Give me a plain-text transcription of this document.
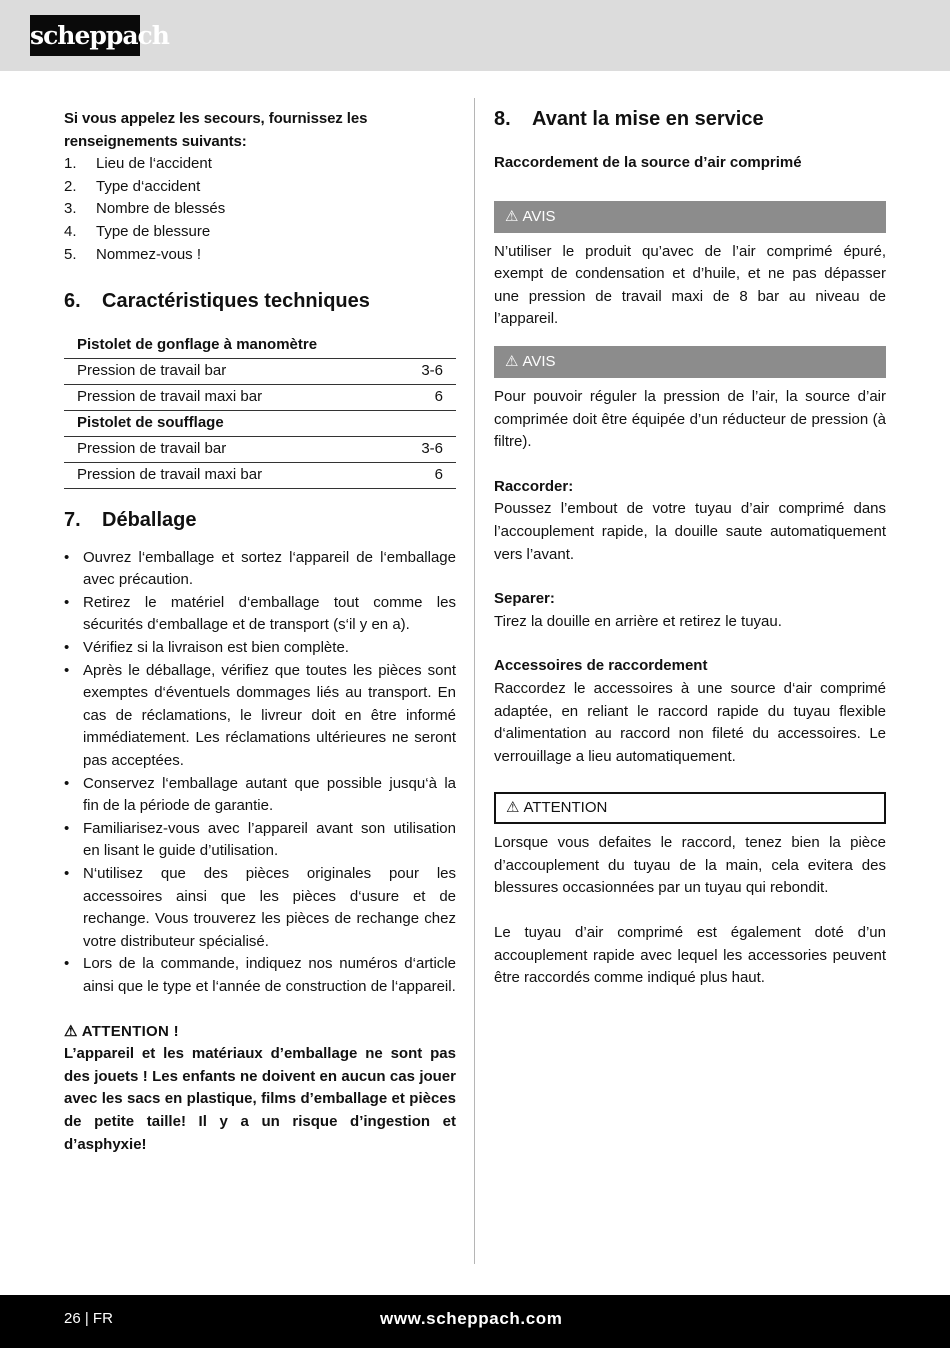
scheppach

Si vous appelez les secours, fournissez les renseignements suivants:

1.	Lieu de l‘accident
2.	Type d‘accident
3.	Nombre de blessés
4.	Type de blessure
5.	Nommez-vous !
6.	Caractéristiques techniques
Pistolet de gonflage à manomètre	
Pression de travail bar	3-6
Pression de travail maxi bar	6
Pistolet de soufflage	
Pression de travail bar	3-6
Pression de travail maxi bar	6
7.	Déballage
• Ouvrez l‘emballage et sortez l‘appareil de l‘emballage avec précaution.
• Retirez le matériel d‘emballage tout comme les sécurités d‘emballage et de transport (s‘il y en a).
• Vérifiez si la livraison est bien complète.
• Après le déballage, vérifiez que toutes les pièces sont exemptes d‘éventuels dommages liés au transport. En cas de réclamations, le livreur doit en être informé immédiatement. Les réclamations ultérieures ne seront pas acceptées.
• Conservez l‘emballage autant que possible jusqu‘à la fin de la période de garantie.
• Familiarisez-vous avec l’appareil avant son utilisation en lisant le guide d’utilisation.
• N‘utilisez que des pièces originales pour les accessoires ainsi que les pièces d‘usure et de rechange. Vous trouverez les pièces de rechange chez votre distributeur spécialisé.
• Lors de la commande, indiquez nos numéros d‘article ainsi que le type et l‘année de construction de l‘appareil.

⚠ ATTENTION !

L’appareil et les matériaux d’emballage ne sont pas des jouets ! Les enfants ne doivent en aucun cas jouer avec les sacs en plastique, films d’emballage et pièces de petite taille! Il y a un risque d’ingestion et d’asphyxie!

8.	Avant la mise en service

Raccordement de la source d’air comprimé

⚠ AVIS

N’utiliser le produit qu’avec de l’air comprimé épuré, exempt de condensation et d’huile, et ne pas dépasser une pression de travail maxi de 8 bar au niveau de l’appareil.

⚠ AVIS

Pour pouvoir réguler la pression de l’air, la source d’air comprimée doit être équipée d’un réducteur de pression (à filtre).

Raccorder:

Poussez l’embout de votre tuyau d’air comprimé dans l’accouplement rapide, la douille saute automatiquement vers l’avant.

Separer:

Tirez la douille en arrière et retirez le tuyau.

Accessoires de raccordement

Raccordez le accessoires à une source d‘air comprimé adaptée, en reliant le raccord rapide du tuyau flexible d‘alimentation au raccord non fileté du accessoires. Le verrouillage a lieu automatiquement.

⚠ ATTENTION

Lorsque vous defaites le raccord, tenez bien la pièce d’accouplement du tuyau de la main, cela evitera des blessures occasionnées par un tuyau qui rebondit.

Le tuyau d’air comprimé est également doté d’un accouplement rapide avec lequel les accessories peuvent être raccordés comme indiqué plus haut.

26 | FR	www.scheppach.com
